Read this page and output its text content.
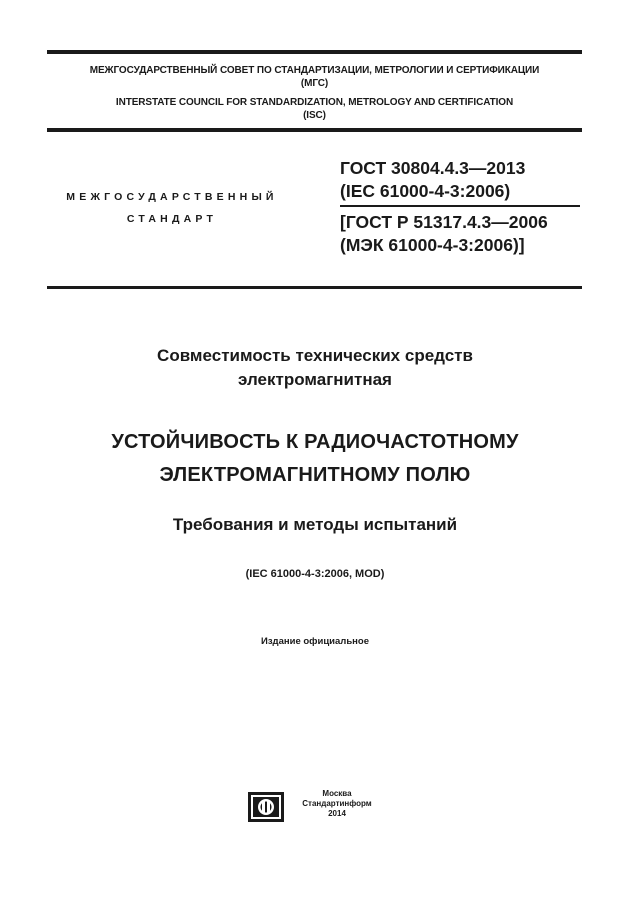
МЕЖГОСУДАРСТВЕННЫЙ СОВЕТ ПО СТАНДАРТИЗАЦИИ, МЕТРОЛОГИИ И СЕРТИФИКАЦИИ
(МГС)
INTERSTATE COUNCIL FOR STANDARDIZATION, METROLOGY AND CERTIFICATION
(ISC)
МЕЖГОСУДАРСТВЕННЫЙ
СТАНДАРТ
ГОСТ 30804.4.3—2013
(IEC 61000-4-3:2006)
[ГОСТ Р 51317.4.3—2006
(МЭК 61000-4-3:2006)]
Совместимость технических средств
электромагнитная
УСТОЙЧИВОСТЬ К РАДИОЧАСТОТНОМУ
ЭЛЕКТРОМАГНИТНОМУ ПОЛЮ
Требования и методы испытаний
(IEC 61000-4-3:2006, MOD)
Издание официальное
Москва
Стандартинформ
2014
